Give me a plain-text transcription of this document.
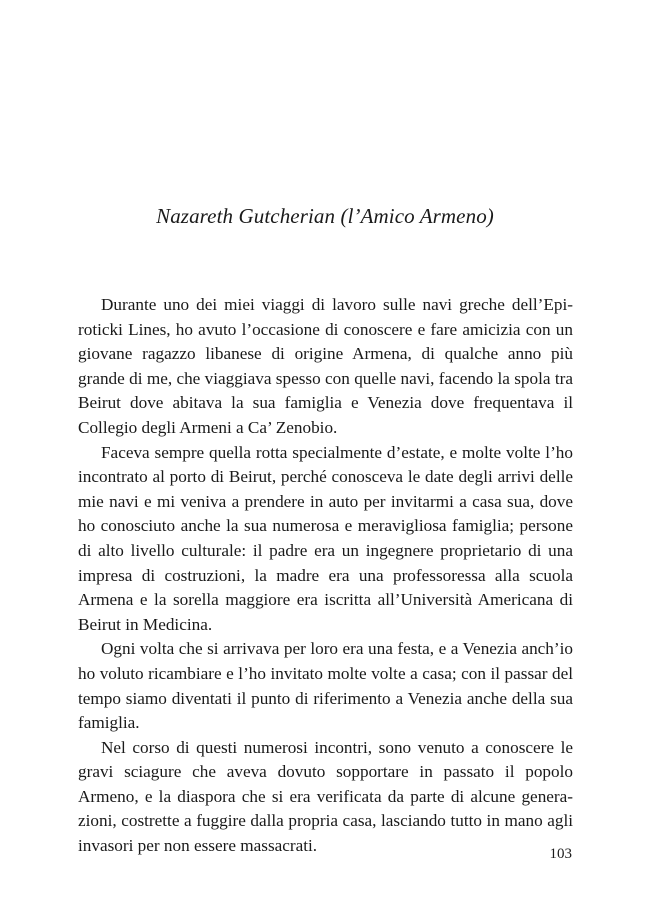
Nazareth Gutcherian (l’Amico Armeno)

Durante uno dei miei viaggi di lavoro sulle navi greche dell’Epiroticki Lines, ho avuto l’occasione di conoscere e fare amicizia con un giovane ragazzo libanese di origine Armena, di qualche anno più grande di me, che viaggiava spesso con quelle navi, facendo la spola tra Beirut dove abitava la sua famiglia e Venezia dove frequentava il Collegio degli Armeni a Ca’ Zenobio.

Faceva sempre quella rotta specialmente d’estate, e molte volte l’ho incontrato al porto di Beirut, perché conosceva le date degli arrivi delle mie navi e mi veniva a prendere in auto per invitarmi a casa sua, dove ho conosciuto anche la sua numerosa e meravigliosa famiglia; persone di alto livello culturale: il padre era un ingegnere proprietario di una impresa di costruzioni, la madre era una professoressa alla scuola Armena e la sorella maggiore era iscritta all’Università Americana di Beirut in Medicina.

Ogni volta che si arrivava per loro era una festa, e a Venezia anch’io ho voluto ricambiare e l’ho invitato molte volte a casa; con il passar del tempo siamo diventati il punto di riferimento a Venezia anche della sua famiglia.

Nel corso di questi numerosi incontri, sono venuto a conoscere le gravi sciagure che aveva dovuto sopportare in passato il popolo Armeno, e la diaspora che si era verificata da parte di alcune generazioni, costrette a fuggire dalla propria casa, lasciando tutto in mano agli invasori per non essere massacrati.	103
